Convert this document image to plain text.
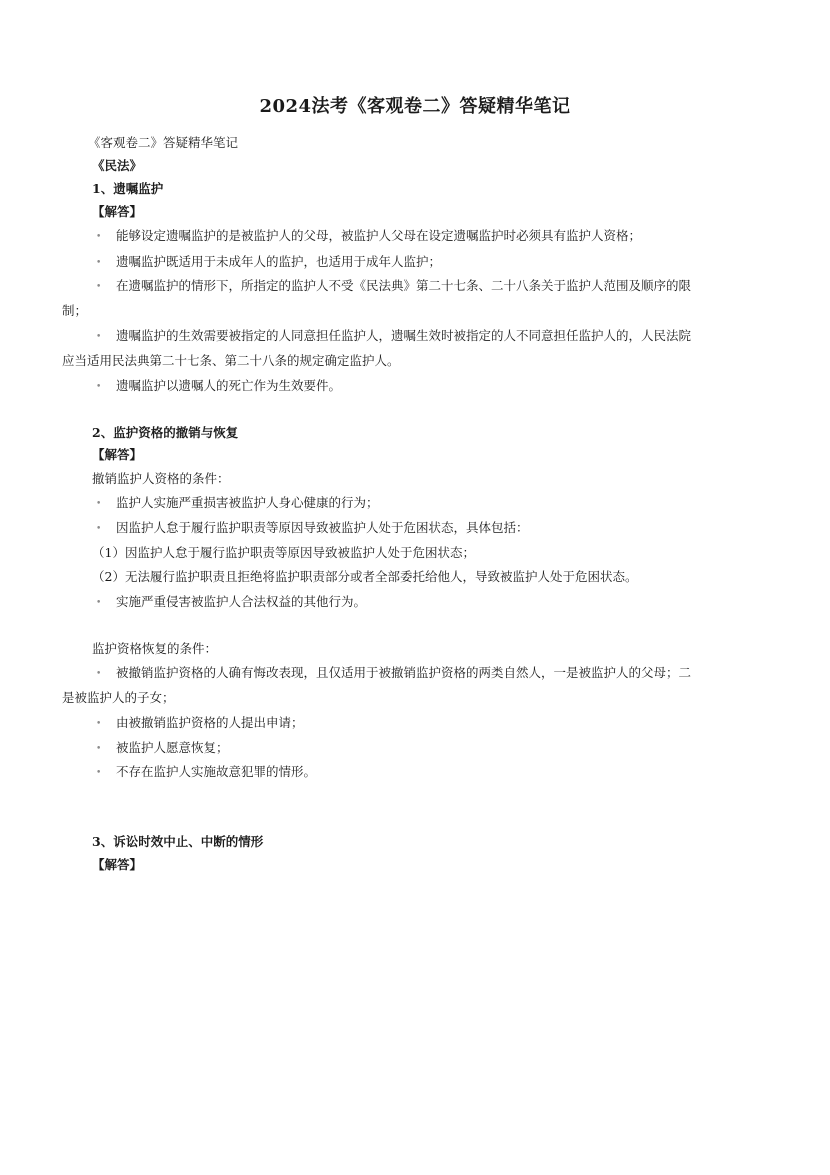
2024法考《客观卷二》答疑精华笔记
《客观卷二》答疑精华笔记
《民法》
1、遗嘱监护
【解答】
• 能够设定遗嘱监护的是被监护人的父母，被监护人父母在设定遗嘱监护时必须具有监护人资格；
• 遗嘱监护既适用于未成年人的监护，也适用于成年人监护；
• 在遗嘱监护的情形下，所指定的监护人不受《民法典》第二十七条、二十八条关于监护人范围及顺序的限
制；
• 遗嘱监护的生效需要被指定的人同意担任监护人，遗嘱生效时被指定的人不同意担任监护人的，人民法院
应当适用民法典第二十七条、第二十八条的规定确定监护人。
• 遗嘱监护以遗嘱人的死亡作为生效要件。
2、监护资格的撤销与恢复
【解答】
撤销监护人资格的条件：
• 监护人实施严重损害被监护人身心健康的行为；
• 因监护人怠于履行监护职责等原因导致被监护人处于危困状态，具体包括：
（1）因监护人怠于履行监护职责等原因导致被监护人处于危困状态；
（2）无法履行监护职责且拒绝将监护职责部分或者全部委托给他人，导致被监护人处于危困状态。
• 实施严重侵害被监护人合法权益的其他行为。
监护资格恢复的条件：
• 被撤销监护资格的人确有悔改表现，且仅适用于被撤销监护资格的两类自然人，一是被监护人的父母；二
是被监护人的子女；
• 由被撤销监护资格的人提出申请；
• 被监护人愿意恢复；
• 不存在监护人实施故意犯罪的情形。
3、诉讼时效中止、中断的情形
【解答】
